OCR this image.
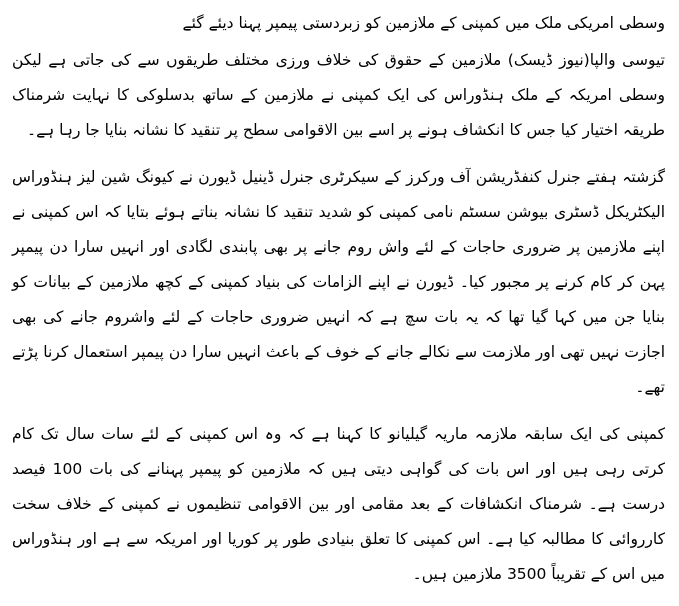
وسطی امریکی ملک میں کمپنی کے ملازمین کو زبردستی پیمپر پہنا دیئے گئے

تیوسی والپا(نیوز ڈیسک) ملازمین کے حقوق کی خلاف ورزی مختلف طریقوں سے کی جاتی ہے لیکن وسطی امریکہ کے ملک ہنڈوراس کی ایک کمپنی نے ملازمین کے ساتھ بدسلوکی کا نہایت شرمناک طریقہ اختیار کیا جس کا انکشاف ہونے پر اسے بین الاقوامی سطح پر تنقید کا نشانہ بنایا جا رہا ہے۔

گزشتہ ہفتے جنرل کنفڈریشن آف ورکرز کے سیکرٹری جنرل ڈینیل ڈیورن نے کیونگ شین لیز ہنڈوراس الیکٹریکل ڈسٹری بیوشن سسٹم نامی کمپنی کو شدید تنقید کا نشانہ بناتے ہوئے بتایا کہ اس کمپنی نے اپنے ملازمین پر ضروری حاجات کے لئے واش روم جانے پر بھی پابندی لگادی اور انہیں سارا دن پیمپر پہن کر کام کرنے پر مجبور کیا۔ ڈیورن نے اپنے الزامات کی بنیاد کمپنی کے کچھ ملازمین کے بیانات کو بنایا جن میں کہا گیا تھا کہ یہ بات سچ ہے کہ انہیں ضروری حاجات کے لئے واشروم جانے کی بھی اجازت نہیں تھی اور ملازمت سے نکالے جانے کے خوف کے باعث انہیں سارا دن پیمپر استعمال کرنا پڑتے تھے۔

کمپنی کی ایک سابقہ ملازمہ ماریہ گیلیانو کا کہنا ہے کہ وہ اس کمپنی کے لئے سات سال تک کام کرتی رہی ہیں اور اس بات کی گواہی دیتی ہیں کہ ملازمین کو پیمپر پہنانے کی بات 100 فیصد درست ہے۔ شرمناک انکشافات کے بعد مقامی اور بین الاقوامی تنظیموں نے کمپنی کے خلاف سخت کارروائی کا مطالبہ کیا ہے۔ اس کمپنی کا تعلق بنیادی طور پر کوریا اور امریکہ سے ہے اور ہنڈوراس میں اس کے تقریباً 3500 ملازمین ہیں۔
